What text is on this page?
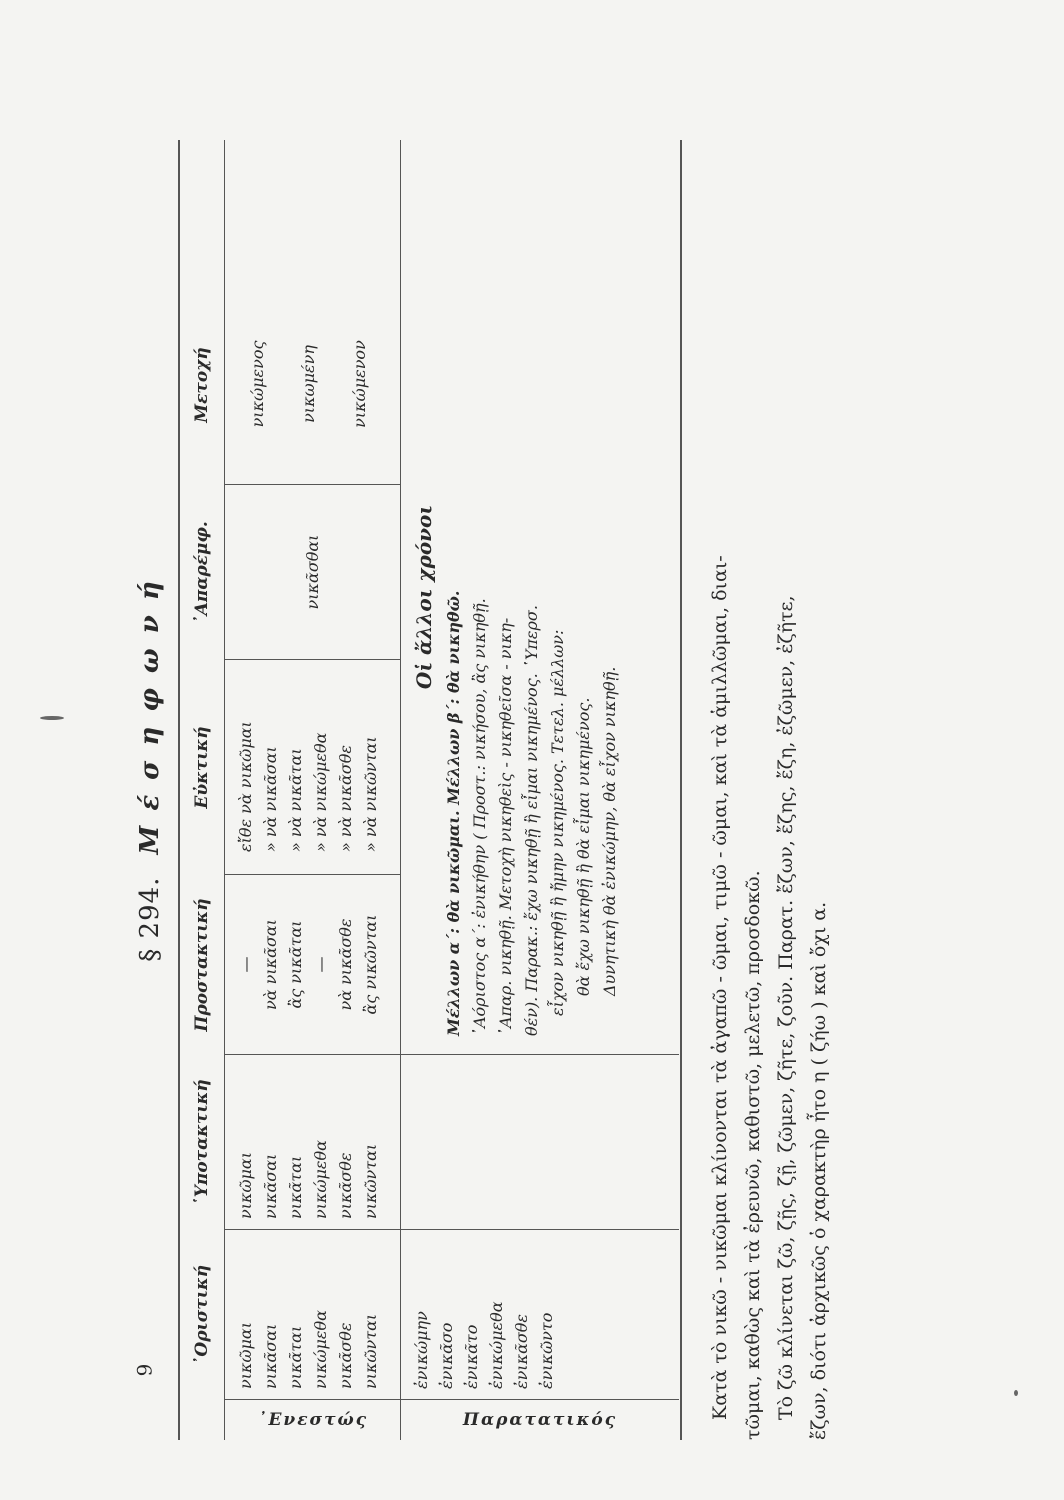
§ 294. Μ έ σ η φ ω ν ή
᾿Οριστική
῾Υποτακτική
Προστακτική
Εὐκτική
᾿Απαρέμφ.
Μετοχή
᾿Ενεστώς
νικῶμαι νικᾶσαι νικᾶται νικώμεθα νικᾶσθε νικῶνται
νικῶμαι νικᾶσαι νικᾶται νικώμεθα νικᾶσθε νικῶνται
— νὰ νικᾶσαι ἂς νικᾶται — νὰ νικᾶσθε ἂς νικῶνται
εἴθε νὰ νικῶμαι » νὰ νικᾶσαι » νὰ νικᾶται » νὰ νικώμεθα » νὰ νικᾶσθε » νὰ νικῶνται
νικᾶσθαι
νικώμενος νικωμένη νικώμενον
Παρατατικός
ἐνικώμην ἐνικᾶσο ἐνικᾶτο ἐνικώμεθα ἐνικᾶσθε ἐνικῶντο
Οἱ ἄλλοι χρόνοι Μέλλων α΄: θὰ νικῶμαι. Μέλλων β΄: θὰ νικηθῶ. ᾿Αόριστος α΄: ἐνικήθην ( Προστ.: νικήσου, ἂς νικηθῇ. ᾿Απαρ. νικηθῇ. Μετοχὴ νικηθεὶς - νικηθεῖσα - νικη- θέν). Παρακ.: ἔχω νικηθῇ ἢ εἶμαι νικημένος. ῾Υπερσ. εἶχον νικηθῇ ἢ ἤμην νικημένος. Τετελ. μέλλων: θὰ ἔχω νικηθῇ ἢ θὰ εἶμαι νικημένος. Δυνητικὴ θὰ ἐνικώμην, θὰ εἶχον νικηθῇ.	Κατὰ τὸ νικῶ - νικῶμαι κλίνονται τὰ ἀγαπῶ - ῶμαι, τιμῶ - ῶμαι, καὶ τὰ ἁμιλλῶμαι, διαι- τῶμαι, καθὼς καὶ τὰ ἐρευνῶ, καθιστῶ, μελετῶ, προσδοκῶ. Τὸ ζῶ κλίνεται ζῶ, ζῇς, ζῇ, ζῶμεν, ζῆτε, ζοῦν. Παρατ. ἔζων, ἔζης, ἔζη, ἐζῶμεν, ἐζῆτε, ἔζων, διότι ἀρχικῶς ὁ χαρακτὴρ ἦτο η ( ζήω ) καὶ ὄχι α.

9
